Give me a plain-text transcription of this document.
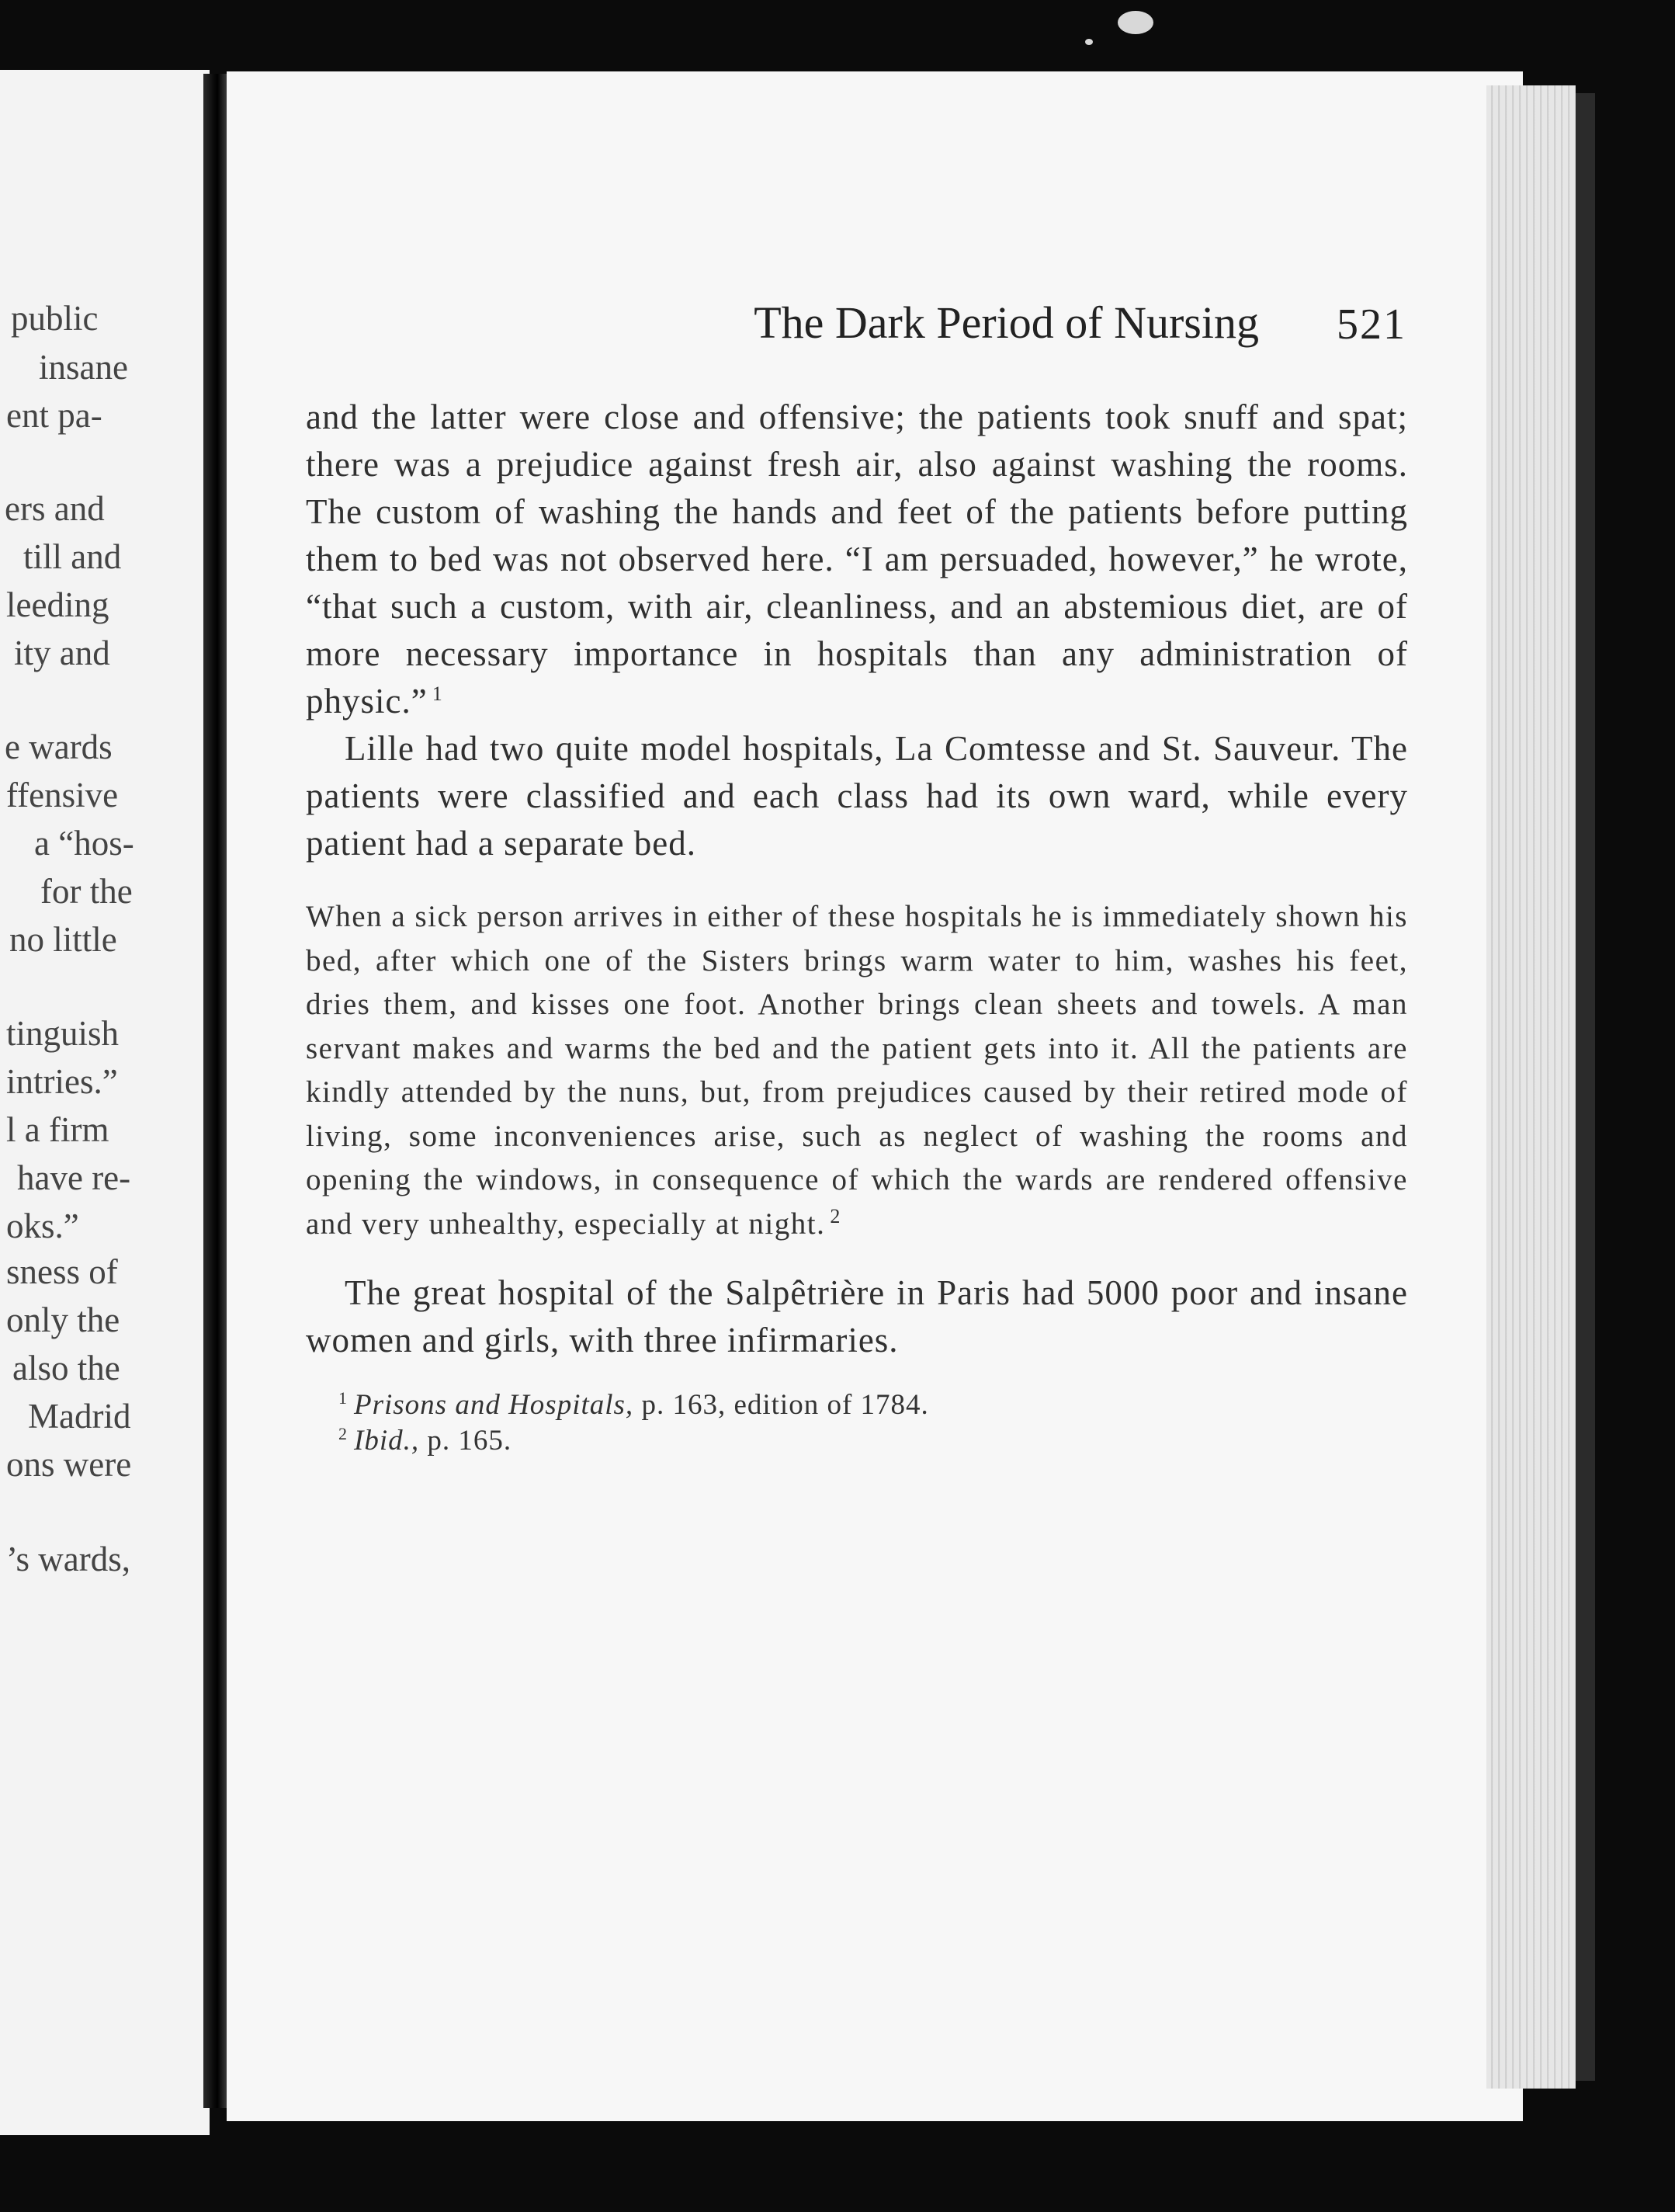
public
insane
ent pa-
ers and
till and
leeding
ity and
e wards
ffensive
a “hos-
for the
no little
tinguish
intries.”
l a firm
have re-
oks.”
sness of
only the
also the
Madrid
ons were
’s wards,
The Dark Period of Nursing 521

and the latter were close and offensive; the patients took snuff and spat; there was a prejudice against fresh air, also against washing the rooms. The custom of washing the hands and feet of the patients before putting them to bed was not observed here. “I am persuaded, however,” he wrote, “that such a custom, with air, cleanliness, and an abstemious diet, are of more necessary importance in hospitals than any administration of physic.” $^1$

Lille had two quite model hospitals, La Comtesse and St. Sauveur. The patients were classified and each class had its own ward, while every patient had a separate bed.

When a sick person arrives in either of these hospitals he is immediately shown his bed, after which one of the Sisters brings warm water to him, washes his feet, dries them, and kisses one foot. Another brings clean sheets and towels. A man servant makes and warms the bed and the patient gets into it. All the patients are kindly attended by the nuns, but, from prejudices caused by their retired mode of living, some inconveniences arise, such as neglect of washing the rooms and opening the windows, in consequence of which the wards are rendered offensive and very unhealthy, especially at night. $^2$

The great hospital of the Salpêtrière in Paris had 5000 poor and insane women and girls, with three infirmaries.

$^1$ Prisons and Hospitals, p. 163, edition of 1784.
$^2$ Ibid., p. 165.
